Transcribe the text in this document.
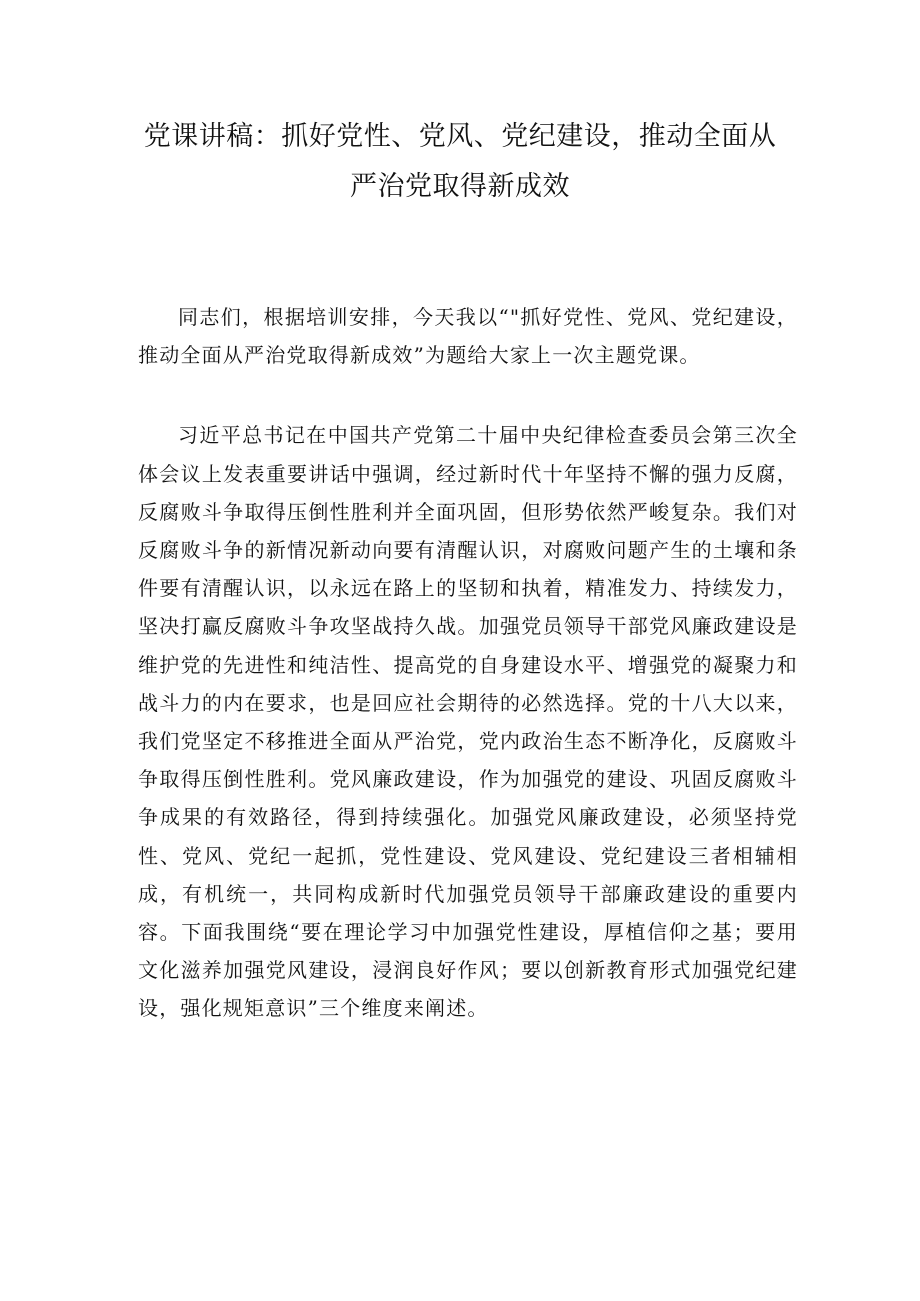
党课讲稿：抓好党性、党风、党纪建设，推动全面从
严治党取得新成效

同志们，根据培训安排，今天我以“"抓好党性、党风、党纪建设，推动全面从严治党取得新成效”为题给大家上一次主题党课。

习近平总书记在中国共产党第二十届中央纪律检查委员会第三次全体会议上发表重要讲话中强调，经过新时代十年坚持不懈的强力反腐，反腐败斗争取得压倒性胜利并全面巩固，但形势依然严峻复杂。我们对反腐败斗争的新情况新动向要有清醒认识，对腐败问题产生的土壤和条件要有清醒认识，以永远在路上的坚韧和执着，精准发力、持续发力，坚决打赢反腐败斗争攻坚战持久战。加强党员领导干部党风廉政建设是维护党的先进性和纯洁性、提高党的自身建设水平、增强党的凝聚力和战斗力的内在要求，也是回应社会期待的必然选择。党的十八大以来，我们党坚定不移推进全面从严治党，党内政治生态不断净化，反腐败斗争取得压倒性胜利。党风廉政建设，作为加强党的建设、巩固反腐败斗争成果的有效路径，得到持续强化。加强党风廉政建设，必须坚持党性、党风、党纪一起抓，党性建设、党风建设、党纪建设三者相辅相成，有机统一，共同构成新时代加强党员领导干部廉政建设的重要内容。下面我围绕“要在理论学习中加强党性建设，厚植信仰之基；要用文化滋养加强党风建设，浸润良好作风；要以创新教育形式加强党纪建设，强化规矩意识”三个维度来阐述。
